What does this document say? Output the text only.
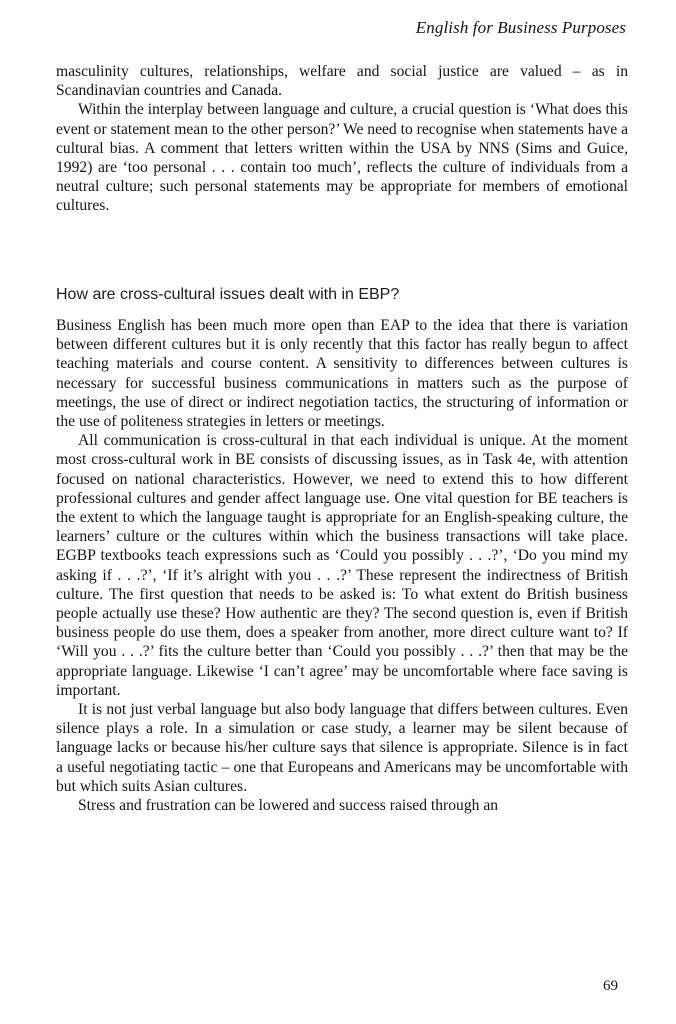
English for Business Purposes

masculinity cultures, relationships, welfare and social justice are valued – as in Scandinavian countries and Canada.

Within the interplay between language and culture, a crucial question is ‘What does this event or statement mean to the other person?’ We need to recognise when statements have a cultural bias. A comment that letters written within the USA by NNS (Sims and Guice, 1992) are ‘too personal . . . contain too much’, reflects the culture of individuals from a neutral culture; such personal statements may be appropriate for members of emotional cultures.

How are cross-cultural issues dealt with in EBP?

Business English has been much more open than EAP to the idea that there is variation between different cultures but it is only recently that this factor has really begun to affect teaching materials and course content. A sensitivity to differences between cultures is necessary for successful business communications in matters such as the purpose of meetings, the use of direct or indirect negotiation tactics, the structuring of information or the use of politeness strategies in letters or meetings.

All communication is cross-cultural in that each individual is unique. At the moment most cross-cultural work in BE consists of discussing issues, as in Task 4e, with attention focused on national characteristics. However, we need to extend this to how different professional cultures and gender affect language use. One vital question for BE teachers is the extent to which the language taught is appropriate for an English-speaking culture, the learners’ culture or the cultures within which the business transactions will take place. EGBP textbooks teach expressions such as ‘Could you possibly . . .?’, ‘Do you mind my asking if . . .?’, ‘If it’s alright with you . . .?’ These represent the indirectness of British culture. The first question that needs to be asked is: To what extent do British business people actually use these? How authentic are they? The second question is, even if British business people do use them, does a speaker from another, more direct culture want to? If ‘Will you . . .?’ fits the culture better than ‘Could you possibly . . .?’ then that may be the appropriate language. Likewise ‘I can’t agree’ may be uncomfortable where face saving is important.

It is not just verbal language but also body language that differs between cultures. Even silence plays a role. In a simulation or case study, a learner may be silent because of language lacks or because his/her culture says that silence is appropriate. Silence is in fact a useful negotiating tactic – one that Europeans and Americans may be uncomfortable with but which suits Asian cultures.

Stress and frustration can be lowered and success raised through an

69
